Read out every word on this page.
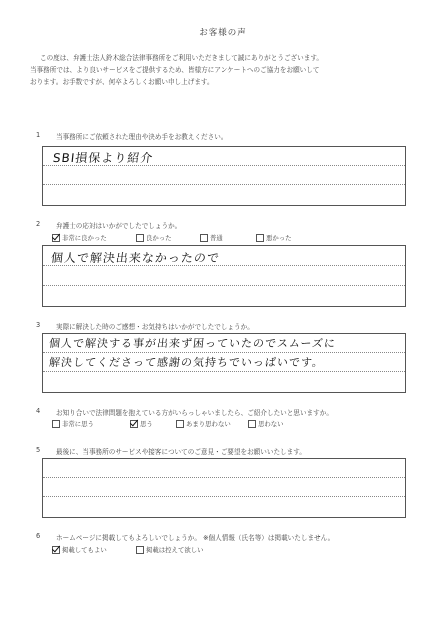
お客様の声
この度は、弁護士法人鈴木総合法律事務所をご利用いただきまして誠にありがとうございます。
当事務所では、より良いサービスをご提供するため、皆様方にアンケートへのご協力をお願いして
おります。お手数ですが、何卒よろしくお願い申し上げます。
1 当事務所にご依頼された理由や決め手をお教えください。
SBI損保より紹介
2 弁護士の応対はいかがでしたでしょうか。
非常に良かった	良かった	普通	悪かった
個人で解決出来なかったので
3 実際に解決した時のご感想・お気持ちはいかがでしたでしょうか。
個人で解決する事が出来ず困っていたのでスムーズに
解決してくださって感謝の気持ちでいっぱいです。
4 お知り合いで法律問題を抱えている方がいらっしゃいましたら、ご紹介したいと思いますか。
非常に思う	思う	あまり思わない	思わない
5 最後に、当事務所のサービスや接客についてのご意見・ご要望をお願いいたします。
6 ホームページに掲載してもよろしいでしょうか。 ※個人情報（氏名等）は掲載いたしません。
掲載してもよい	掲載は控えて欲しい
